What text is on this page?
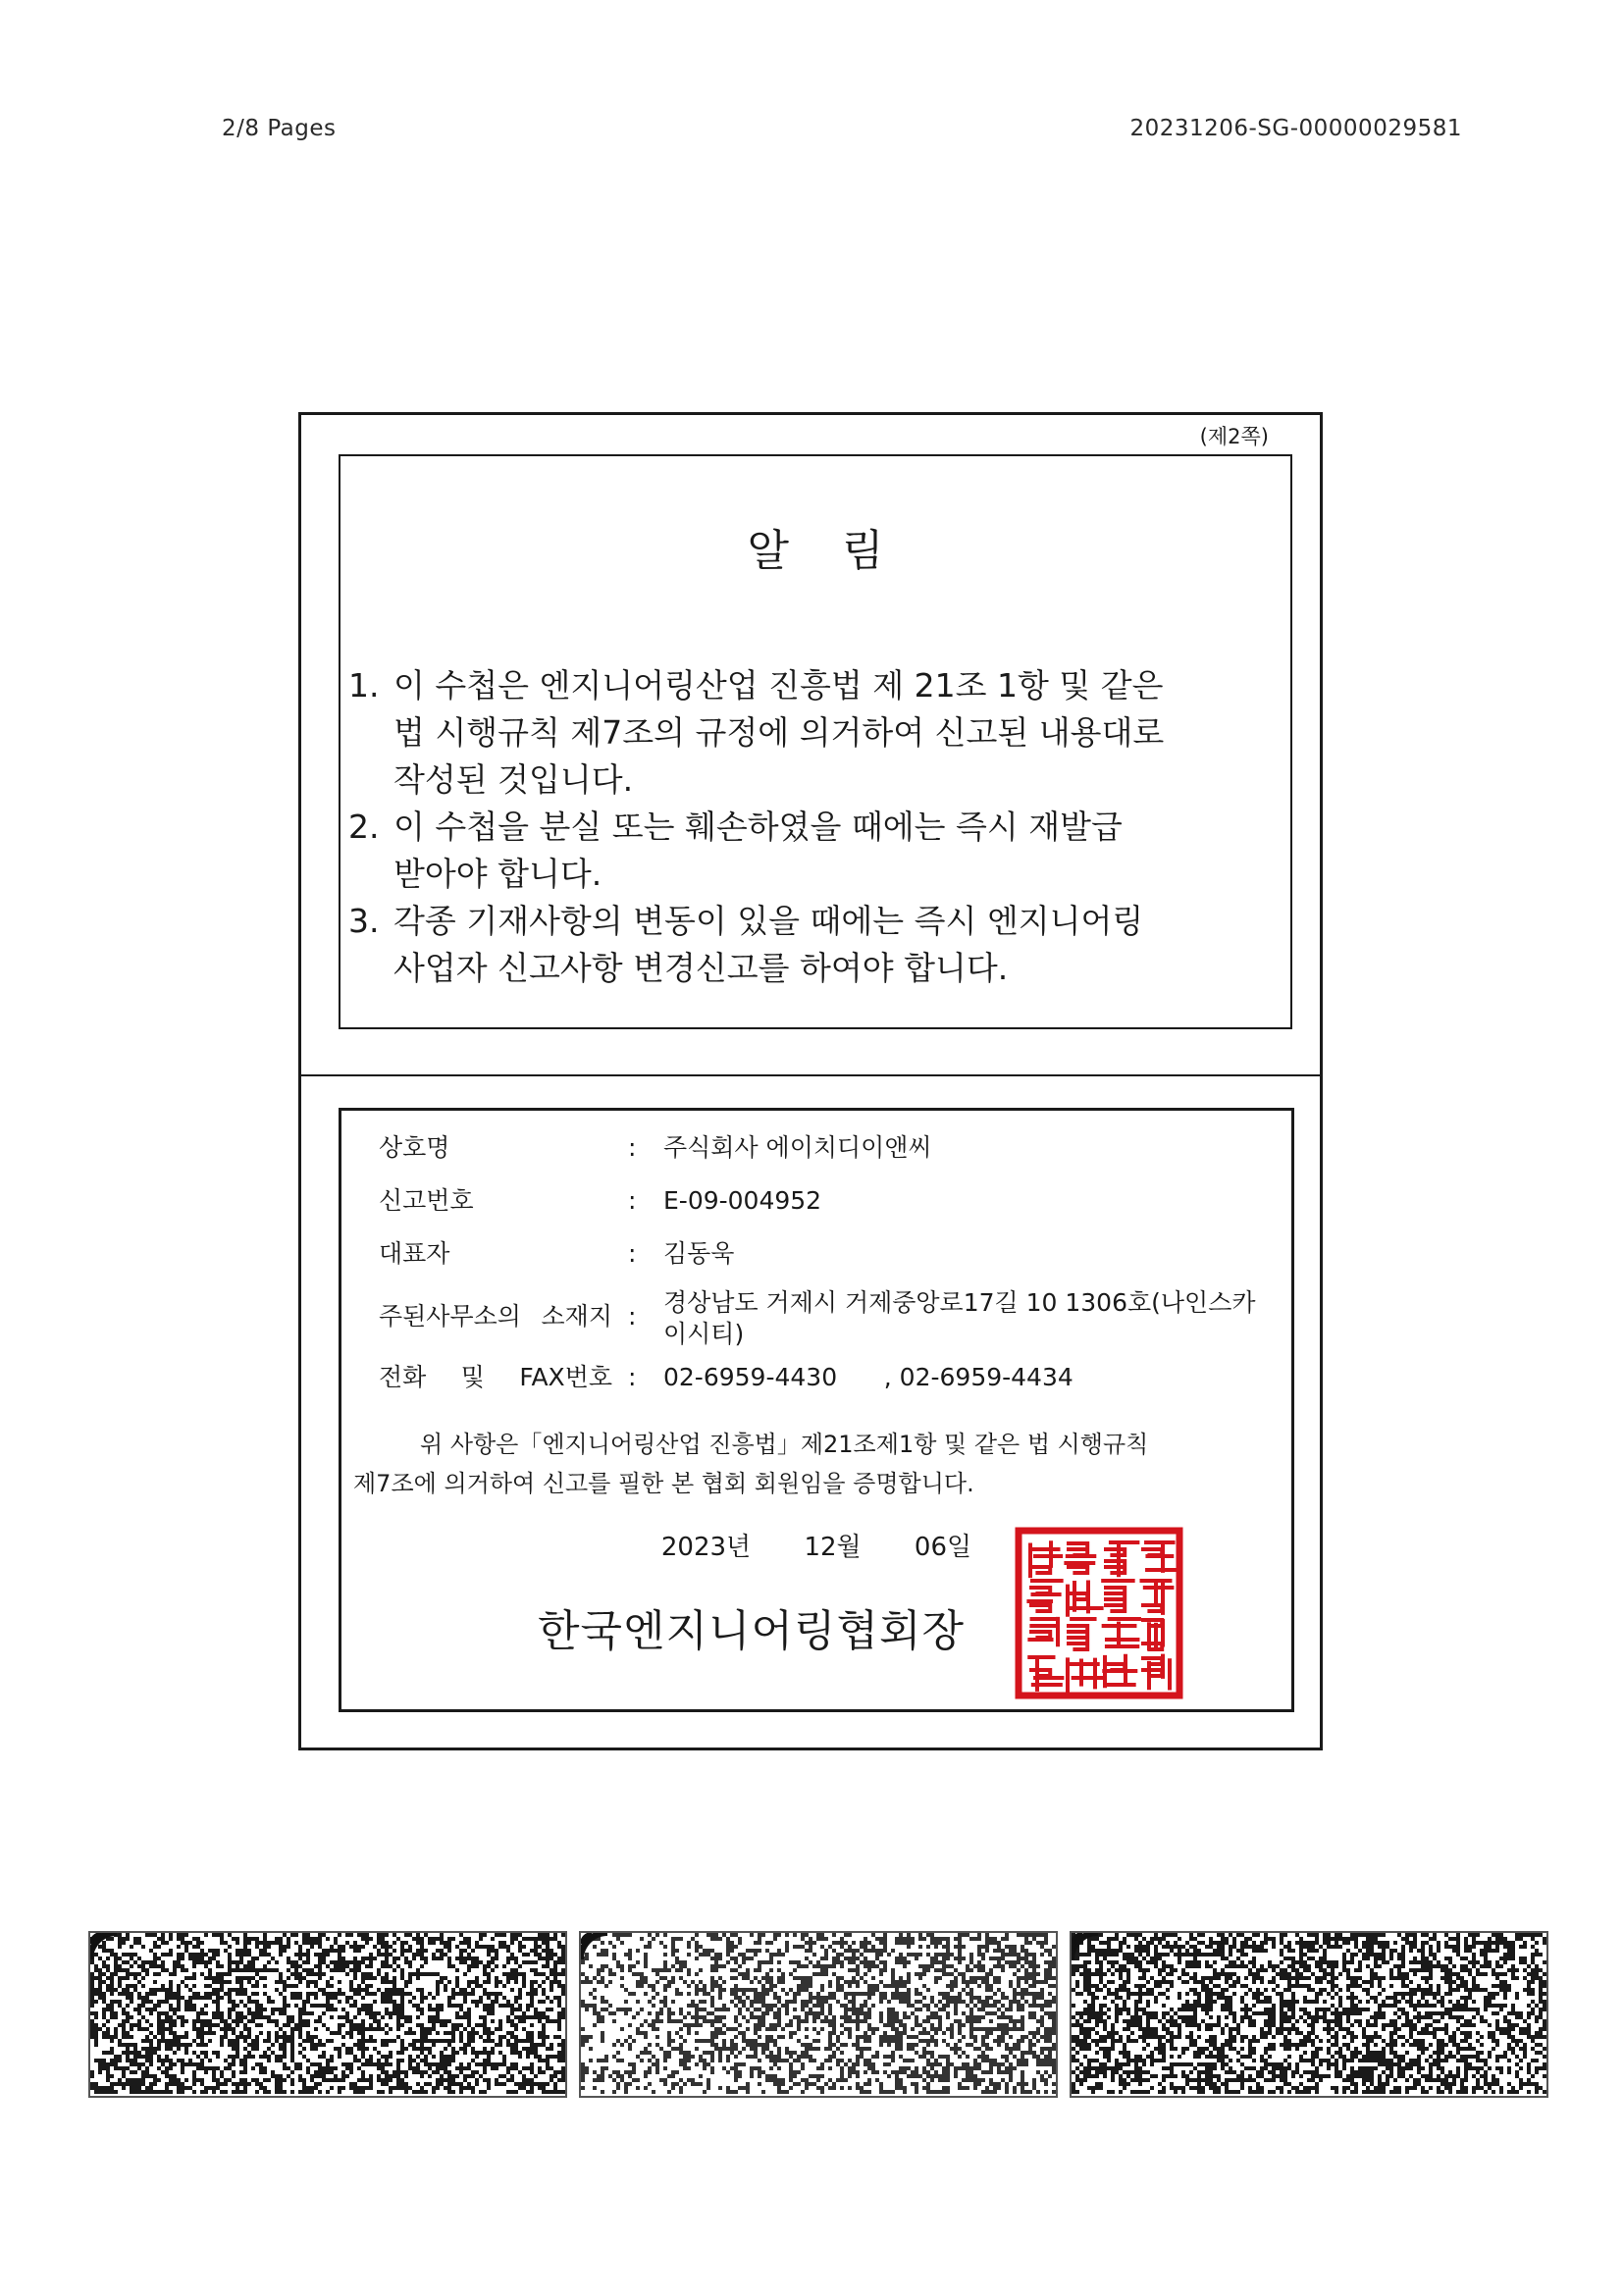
2/8 Pages	20231206-SG-00000029581
(제2쪽)
알림
1. 이 수첩은 엔지니어링산업 진흥법 제 21조 1항 및 같은
법 시행규칙 제7조의 규정에 의거하여 신고된 내용대로
작성된 것입니다.
2. 이 수첩을 분실 또는 훼손하였을 때에는 즉시 재발급
받아야 합니다.
3. 각종 기재사항의 변동이 있을 때에는 즉시 엔지니어링
사업자 신고사항 변경신고를 하여야 합니다.
상호명	: 주식회사 에이치디이앤씨
신고번호	: E-09-004952
대표자	: 김동욱
주된사무소의 소재지 : 경상남도 거제시 거제중앙로17길 10 1306호(나인스카이시티)
전화 및 FAX번호 : 02-6959-4430      , 02-6959-4434
위 사항은「엔지니어링산업 진흥법」제21조제1항 및 같은 법 시행규칙
제7조에 의거하여 신고를 필한 본 협회 회원임을 증명합니다.
2023년 12월 06일
한국엔지니어링협회장
